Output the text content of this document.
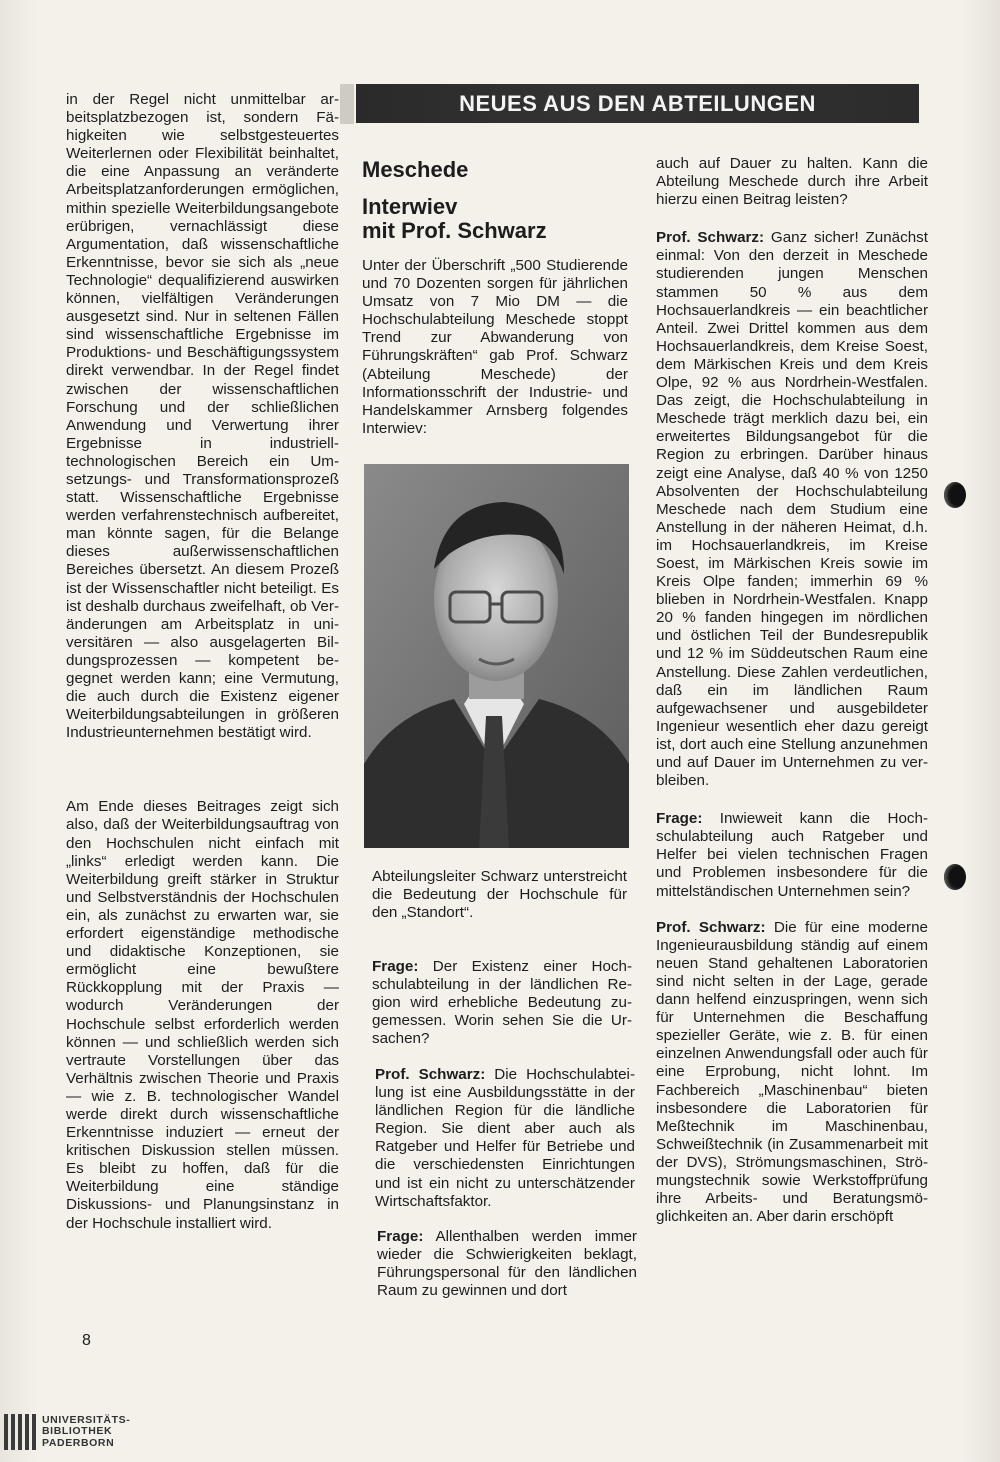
NEUES AUS DEN ABTEILUNGEN

in der Regel nicht unmittelbar arbeitsplatzbezogen ist, sondern Fähigkeiten wie selbstgesteuertes Weiterlernen oder Flexibilität beinhaltet, die eine Anpassung an veränderte Arbeitsplatzanforderungen ermöglichen, mithin spezielle Weiterbildungsangebote erübrigen, vernachlässigt diese Argumentation, daß wissenschaftliche Erkenntnisse, bevor sie sich als „neue Technologie“ dequalifizierend auswirken können, vielfältigen Veränderungen ausgesetzt sind. Nur in seltenen Fällen sind wissenschaftliche Ergebnisse im Produktions- und Beschäftigungssystem direkt verwendbar. In der Regel findet zwischen der wissenschaftlichen Forschung und der schließlichen Anwendung und Verwertung ihrer Ergebnisse in industriell-technologischen Bereich ein Umsetzungs- und Transformationsprozeß statt. Wissenschaftliche Ergebnisse werden verfahrenstechnisch aufbereitet, man könnte sagen, für die Belange dieses außerwissenschaftlichen Bereiches übersetzt. An diesem Prozeß ist der Wissenschaftler nicht beteiligt. Es ist deshalb durchaus zweifelhaft, ob Veränderungen am Arbeitsplatz in universitären — also ausgelagerten Bildungsprozessen — kompetent begegnet werden kann; eine Vermutung, die auch durch die Existenz eigener Weiterbildungsabteilungen in größeren Industrieunternehmen bestätigt wird.

Am Ende dieses Beitrages zeigt sich also, daß der Weiterbildungsauftrag von den Hochschulen nicht einfach mit „links“ erledigt werden kann. Die Weiterbildung greift stärker in Struktur und Selbstverständnis der Hochschulen ein, als zunächst zu erwarten war, sie erfordert eigenständige methodische und didaktische Konzeptionen, sie ermöglicht eine bewußtere Rückkopplung mit der Praxis — wodurch Veränderungen der Hochschule selbst erforderlich werden können — und schließlich werden sich vertraute Vorstellungen über das Verhältnis zwischen Theorie und Praxis — wie z. B. technologischer Wandel werde direkt durch wissenschaftliche Erkenntnisse induziert — erneut der kritischen Diskussion stellen müssen. Es bleibt zu hoffen, daß für die Weiterbildung eine ständige Diskussions- und Planungsinstanz in der Hochschule installiert wird.

Meschede
Interwiev
mit Prof. Schwarz

Unter der Überschrift „500 Studierende und 70 Dozenten sorgen für jährlichen Umsatz von 7 Mio DM — die Hochschulabteilung Meschede stoppt Trend zur Abwanderung von Führungskräften“ gab Prof. Schwarz (Abteilung Meschede) der Informationsschrift der Industrie- und Handelskammer Arnsberg folgendes Interwiev:

Abteilungsleiter Schwarz unterstreicht die Bedeutung der Hochschule für den „Standort“.
Frage: Der Existenz einer Hochschulabteilung in der ländlichen Region wird erhebliche Bedeutung zugemessen. Worin sehen Sie die Ursachen?
Prof. Schwarz: Die Hochschulabteilung ist eine Ausbildungsstätte in der ländlichen Region für die ländliche Region. Sie dient aber auch als Ratgeber und Helfer für Betriebe und die verschiedensten Einrichtungen und ist ein nicht zu unterschätzender Wirtschaftsfaktor.
Frage: Allenthalben werden immer wieder die Schwierigkeiten beklagt, Führungspersonal für den ländlichen Raum zu gewinnen und dort

auch auf Dauer zu halten. Kann die Abteilung Meschede durch ihre Arbeit hierzu einen Beitrag leisten?

Prof. Schwarz: Ganz sicher! Zunächst einmal: Von den derzeit in Meschede studierenden jungen Menschen stammen 50 % aus dem Hochsauerlandkreis — ein beachtlicher Anteil. Zwei Drittel kommen aus dem Hochsauerlandkreis, dem Kreise Soest, dem Märkischen Kreis und dem Kreis Olpe, 92 % aus Nordrhein-Westfalen. Das zeigt, die Hochschulabteilung in Meschede trägt merklich dazu bei, ein erweitertes Bildungsangebot für die Region zu erbringen. Darüber hinaus zeigt eine Analyse, daß 40 % von 1250 Absolventen der Hochschulabteilung Meschede nach dem Studium eine Anstellung in der näheren Heimat, d.h. im Hochsauerlandkreis, im Kreise Soest, im Märkischen Kreis sowie im Kreis Olpe fanden; immerhin 69 % blieben in Nordrhein-Westfalen. Knapp 20 % fanden hingegen im nördlichen und östlichen Teil der Bundesrepublik und 12 % im Süddeutschen Raum eine Anstellung. Diese Zahlen verdeutlichen, daß ein im ländlichen Raum aufgewachsener und ausgebildeter Ingenieur wesentlich eher dazu gereigt ist, dort auch eine Stellung anzunehmen und auf Dauer im Unternehmen zu verbleiben.

Frage: Inwieweit kann die Hochschulabteilung auch Ratgeber und Helfer bei vielen technischen Fragen und Problemen insbesondere für die mittelständischen Unternehmen sein?

Prof. Schwarz: Die für eine moderne Ingenieurausbildung ständig auf einem neuen Stand gehaltenen Laboratorien sind nicht selten in der Lage, gerade dann helfend einzuspringen, wenn sich für Unternehmen die Beschaffung spezieller Geräte, wie z. B. für einen einzelnen Anwendungsfall oder auch für eine Erprobung, nicht lohnt. Im Fachbereich „Maschinenbau“ bieten insbesondere die Laboratorien für Meßtechnik im Maschinenbau, Schweißtechnik (in Zusammenarbeit mit der DVS), Strömungsmaschinen, Strömungstechnik sowie Werkstoffprüfung ihre Arbeits- und Beratungsmöglichkeiten an. Aber darin erschöpft

8
UNIVERSITÄTS-
BIBLIOTHEK
PADERBORN
